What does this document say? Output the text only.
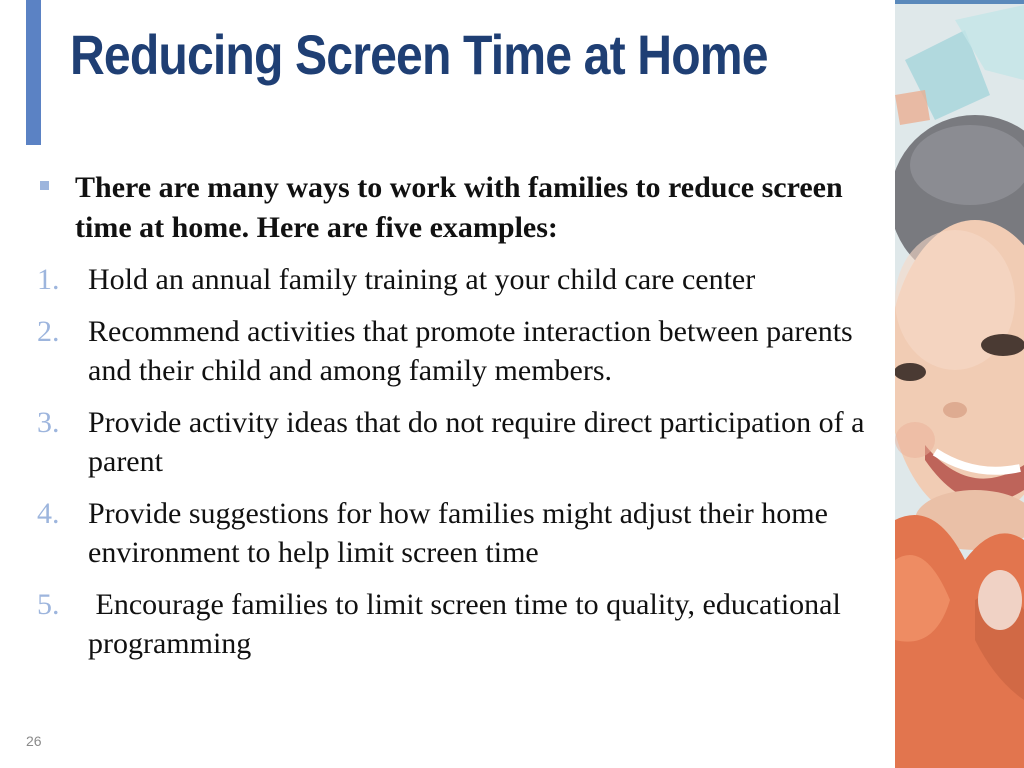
Reducing Screen Time at Home
There are many ways to work with families to reduce screen time at home. Here are five examples:
1. Hold an annual family training at your child care center
2. Recommend activities that promote interaction between parents and their child and among family members.
3. Provide activity ideas that do not require direct participation of a parent
4. Provide suggestions for how families might adjust their home environment to help limit screen time
5. Encourage families to limit screen time to quality, educational programming
26
